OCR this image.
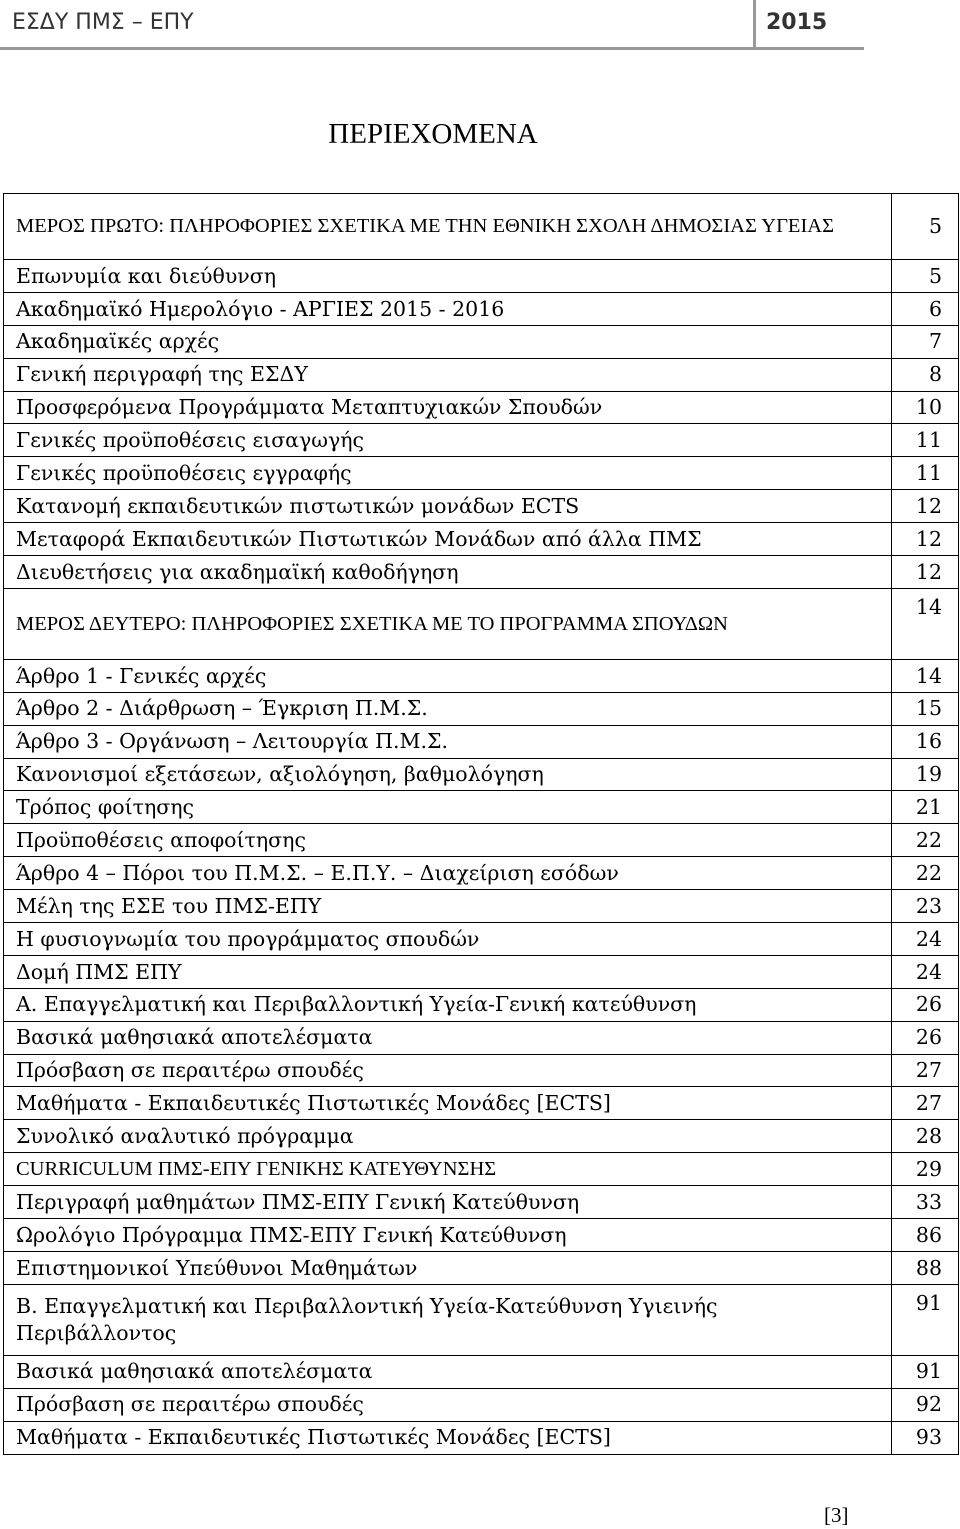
ΕΣΔΥ ΠΜΣ – ΕΠΥ	2015
ΠΕΡΙΕΧΟΜΕΝΑ
ΜΕΡΟΣ ΠΡΩΤΟ: ΠΛΗΡΟΦΟΡΙΕΣ ΣΧΕΤΙΚΑ ΜΕ ΤΗΝ ΕΘΝΙΚΗ ΣΧΟΛΗ ΔΗΜΟΣΙΑΣ ΥΓΕΙΑΣ	5
Επωνυμία και διεύθυνση	5
Ακαδημαϊκό Ημερολόγιο - ΑΡΓΙΕΣ 2015 - 2016	6
Ακαδημαϊκές αρχές	7
Γενική περιγραφή της ΕΣΔΥ	8
Προσφερόμενα Προγράμματα Μεταπτυχιακών Σπουδών	10
Γενικές προϋποθέσεις εισαγωγής	11
Γενικές προϋποθέσεις εγγραφής	11
Κατανομή εκπαιδευτικών πιστωτικών μονάδων ECTS	12
Μεταφορά Εκπαιδευτικών Πιστωτικών Μονάδων από άλλα ΠΜΣ	12
Διευθετήσεις για ακαδημαϊκή καθοδήγηση	12
ΜΕΡΟΣ ΔΕΥΤΕΡΟ: ΠΛΗΡΟΦΟΡΙΕΣ ΣΧΕΤΙΚΑ ΜΕ ΤΟ ΠΡΟΓΡΑΜΜΑ ΣΠΟΥΔΩΝ	14
Άρθρο 1 - Γενικές αρχές	14
Άρθρο 2 - Διάρθρωση – Έγκριση Π.Μ.Σ.	15
Άρθρο 3 - Οργάνωση – Λειτουργία Π.Μ.Σ.	16
Κανονισμοί εξετάσεων, αξιολόγηση, βαθμολόγηση	19
Τρόπος φοίτησης	21
Προϋποθέσεις αποφοίτησης	22
Άρθρο 4 – Πόροι του Π.Μ.Σ. – Ε.Π.Υ. – Διαχείριση εσόδων	22
Μέλη της ΕΣΕ του ΠΜΣ-ΕΠΥ	23
Η φυσιογνωμία του προγράμματος σπουδών	24
Δομή ΠΜΣ ΕΠΥ	24
Α. Επαγγελματική και Περιβαλλοντική Υγεία-Γενική κατεύθυνση	26
Βασικά μαθησιακά αποτελέσματα	26
Πρόσβαση σε περαιτέρω σπουδές	27
Μαθήματα - Εκπαιδευτικές Πιστωτικές Μονάδες [ECTS]	27
Συνολικό αναλυτικό πρόγραμμα	28
CURRICULUM ΠΜΣ-ΕΠΥ ΓΕΝΙΚΗΣ ΚΑΤΕΥΘΥΝΣΗΣ	29
Περιγραφή μαθημάτων ΠΜΣ-ΕΠΥ Γενική Κατεύθυνση	33
Ωρολόγιο Πρόγραμμα ΠΜΣ-ΕΠΥ Γενική Κατεύθυνση	86
Επιστημονικοί Υπεύθυνοι Μαθημάτων	88
Β. Επαγγελματική και Περιβαλλοντική Υγεία-Κατεύθυνση Υγιεινής Περιβάλλοντος	91
Βασικά μαθησιακά αποτελέσματα	91
Πρόσβαση σε περαιτέρω σπουδές	92
Μαθήματα - Εκπαιδευτικές Πιστωτικές Μονάδες [ECTS]	93
[3]
